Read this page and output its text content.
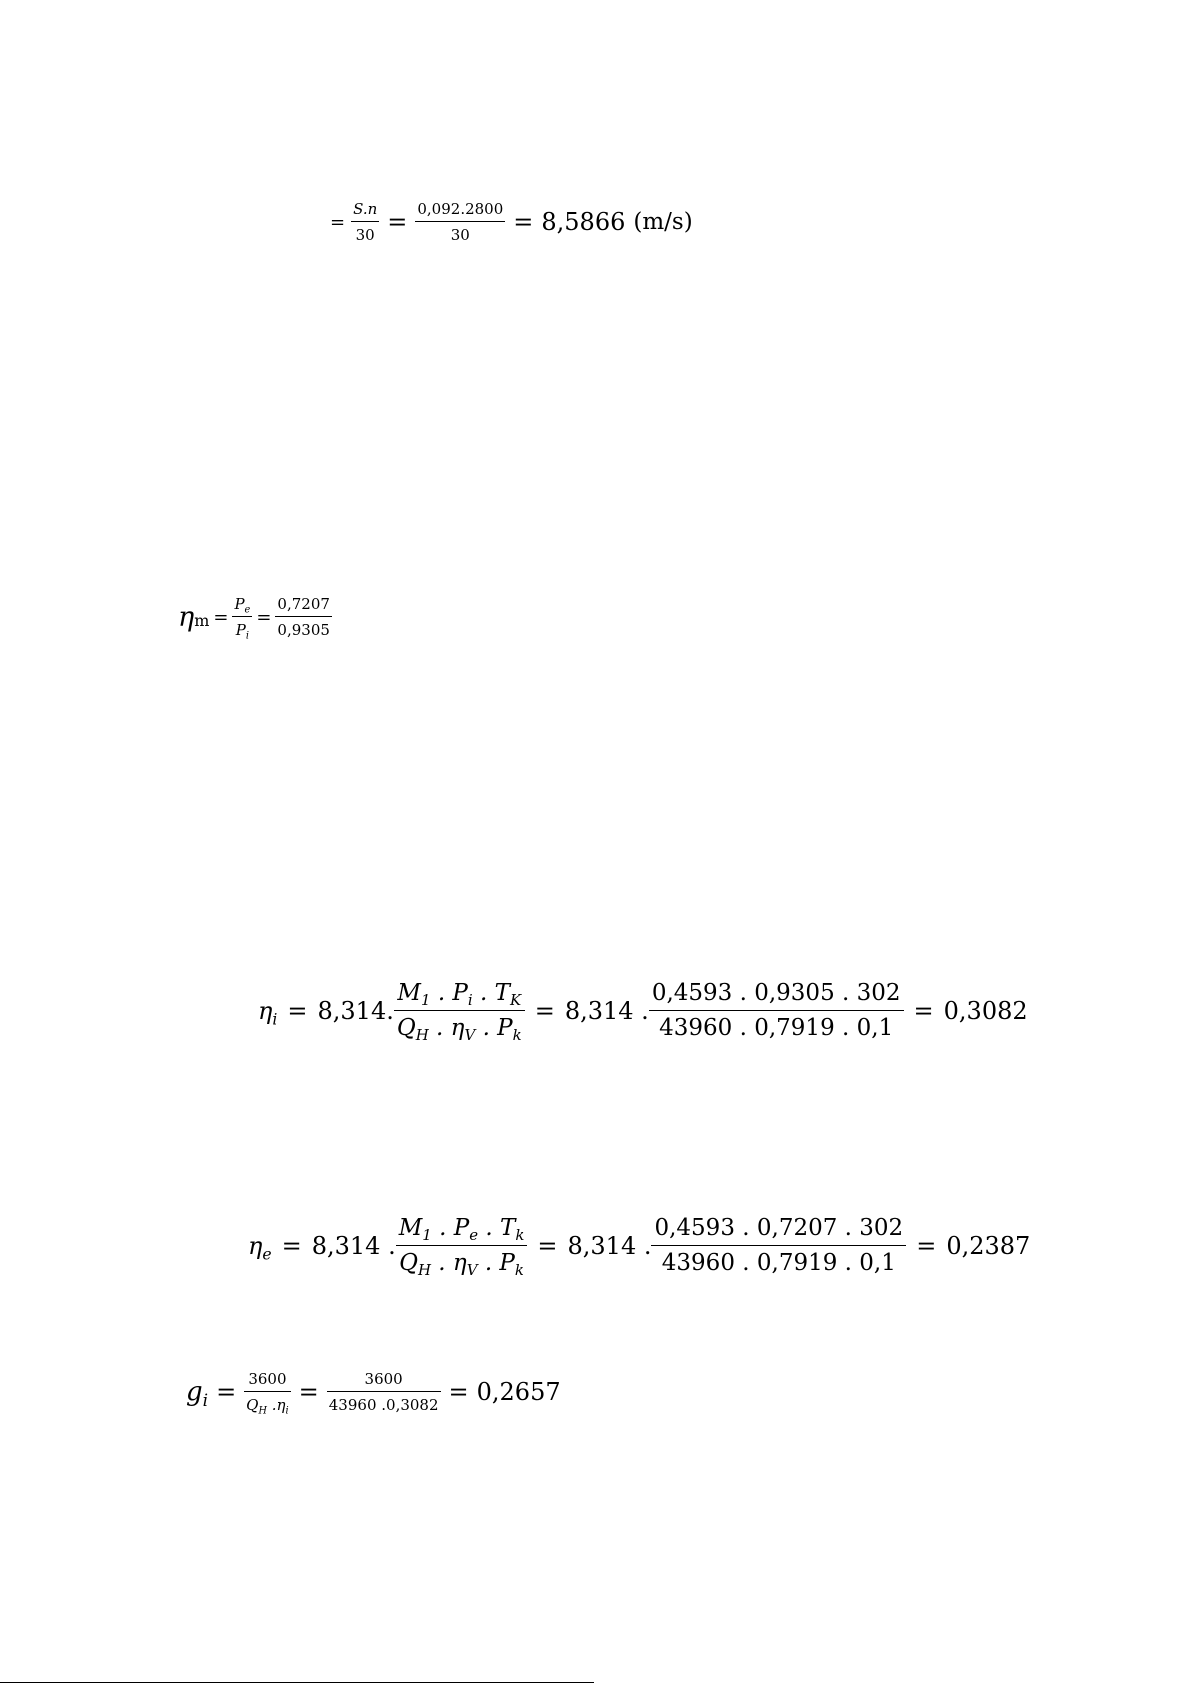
= $\frac{S.n}{30} = \frac{0,092.2800}{30} = 8,5866$ (m/s)
$\eta m = \frac{P_e}{P_i} = \frac{0,7207}{0,9305}$
$\eta_i = 8,314$. $\frac{M_1 . P_i . T_K}{Q_H . \eta_V . P_k} = 8,314$ . $\frac{0,4593 . 0,9305 . 302}{43960 . 0,7919 . 0,1} = 0,3082$
$\eta_e = 8,314$ . $\frac{M_1 . P_e . T_k}{Q_H . \eta_V . P_k} = 8,314$ . $\frac{0,4593 . 0,7207 . 302}{43960 . 0,7919 . 0,1} = 0,2387$
$g_i = \frac{3600}{Q_H .\eta_i} = \frac{3600}{43960 .0,3082} = 0,2657$
